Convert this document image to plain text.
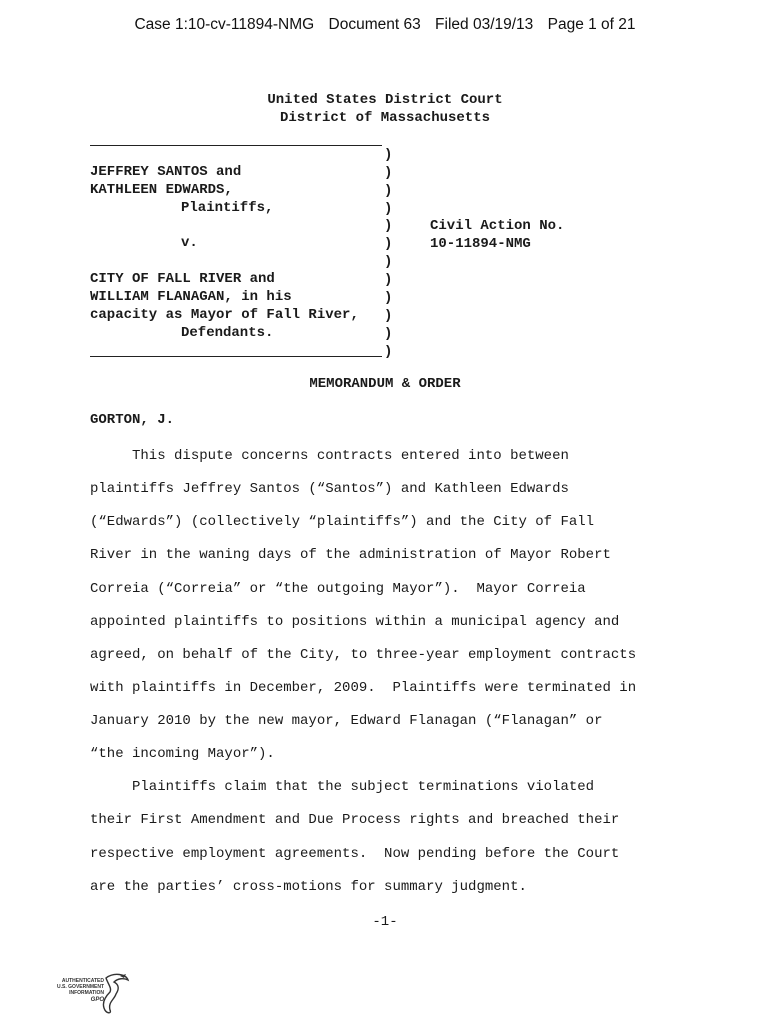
Case 1:10-cv-11894-NMG Document 63 Filed 03/19/13 Page 1 of 21
United States District Court
District of Massachusetts
JEFFREY SANTOS and
KATHLEEN EDWARDS,
Plaintiffs,
v.
CITY OF FALL RIVER and
WILLIAM FLANAGAN, in his
capacity as Mayor of Fall River,
Defendants.
)
)
)
)
)
)
)
)
)
)
)
)
Civil Action No.
10-11894-NMG
MEMORANDUM & ORDER
GORTON, J.
This dispute concerns contracts entered into between
plaintiffs Jeffrey Santos (“Santos”) and Kathleen Edwards
(“Edwards”) (collectively “plaintiffs”) and the City of Fall
River in the waning days of the administration of Mayor Robert
Correia (“Correia” or “the outgoing Mayor”).  Mayor Correia
appointed plaintiffs to positions within a municipal agency and
agreed, on behalf of the City, to three-year employment contracts
with plaintiffs in December, 2009.  Plaintiffs were terminated in
January 2010 by the new mayor, Edward Flanagan (“Flanagan” or
“the incoming Mayor”).
Plaintiffs claim that the subject terminations violated
their First Amendment and Due Process rights and breached their
respective employment agreements.  Now pending before the Court
are the parties’ cross-motions for summary judgment.
-1-
AUTHENTICATED
U.S. GOVERNMENT
INFORMATION
GPO
